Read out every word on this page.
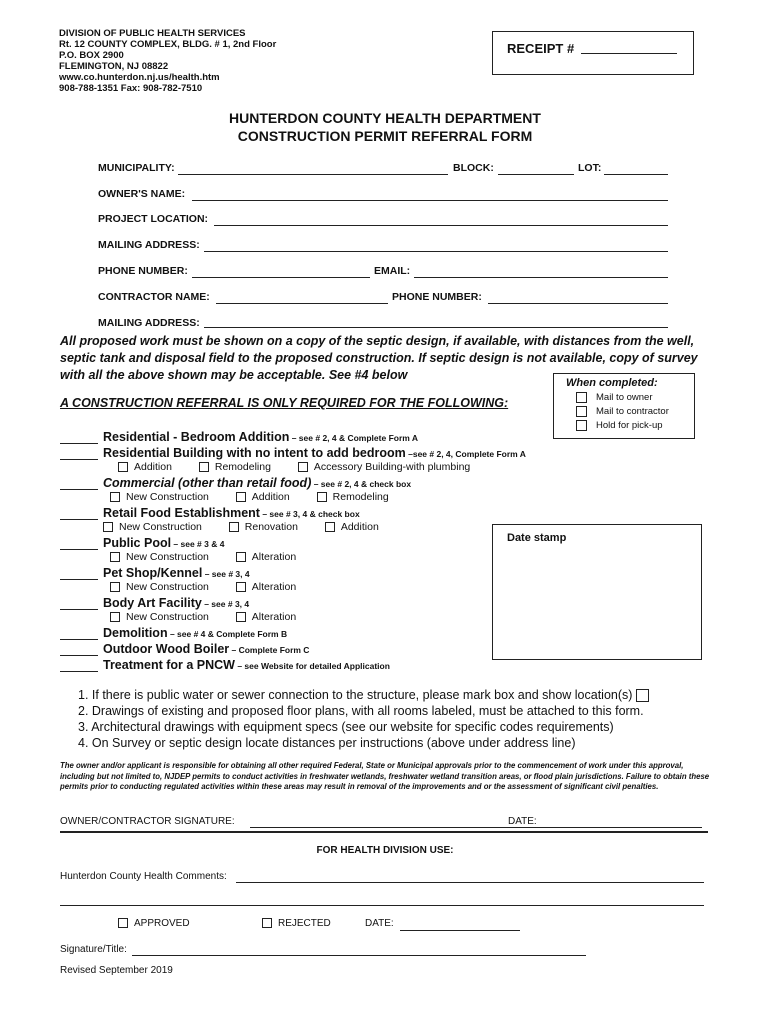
DIVISION OF PUBLIC HEALTH SERVICES
Rt. 12 COUNTY COMPLEX, BLDG. # 1, 2nd Floor
P.O. BOX 2900
FLEMINGTON, NJ 08822
www.co.hunterdon.nj.us/health.htm
908-788-1351 Fax: 908-782-7510
RECEIPT #
HUNTERDON COUNTY HEALTH DEPARTMENT
CONSTRUCTION PERMIT REFERRAL FORM
MUNICIPALITY:	BLOCK:	LOT:
OWNER'S NAME:
PROJECT LOCATION:
MAILING ADDRESS:
PHONE NUMBER:	EMAIL:
CONTRACTOR NAME:	PHONE NUMBER:
MAILING ADDRESS:
All proposed work must be shown on a copy of the septic design, if available, with distances from the well, septic tank and disposal field to the proposed construction. If septic design is not available, copy of survey with all the above shown may be acceptable. See #4 below
A CONSTRUCTION REFERRAL IS ONLY REQUIRED FOR THE FOLLOWING:
When completed:
Mail to owner
Mail to contractor
Hold for pick-up
Date stamp
Residential - Bedroom Addition – see # 2, 4 & Complete Form A
Residential Building with no intent to add bedroom –see # 2, 4, Complete Form A
Addition	Remodeling	Accessory Building-with plumbing
Commercial (other than retail food) – see # 2, 4 & check box
New Construction	Addition	Remodeling
Retail Food Establishment – see # 3, 4 & check box
New Construction	Renovation	Addition
Public Pool – see # 3 & 4
New Construction	Alteration
Pet Shop/Kennel – see # 3, 4
New Construction	Alteration
Body Art Facility – see # 3, 4
New Construction	Alteration
Demolition – see # 4 & Complete Form B
Outdoor Wood Boiler – Complete Form C
Treatment for a PNCW – see Website for detailed Application
1. If there is public water or sewer connection to the structure, please mark box and show location(s)
2. Drawings of existing and proposed floor plans, with all rooms labeled, must be attached to this form.
3. Architectural drawings with equipment specs (see our website for specific codes requirements)
4. On Survey or septic design locate distances per instructions (above under address line)
The owner and/or applicant is responsible for obtaining all other required Federal, State or Municipal approvals prior to the commencement of work under this approval, including but not limited to, NJDEP permits to conduct activities in freshwater wetlands, freshwater wetland transition areas, or flood plain jurisdictions. Failure to obtain these permits prior to conducting regulated activities within these areas may result in removal of the improvements and or the assessment of significant civil penalties.
OWNER/CONTRACTOR SIGNATURE:	DATE:
FOR HEALTH DIVISION USE:
Hunterdon County Health Comments:
APPROVED	REJECTED	DATE:
Signature/Title:
Revised September 2019
